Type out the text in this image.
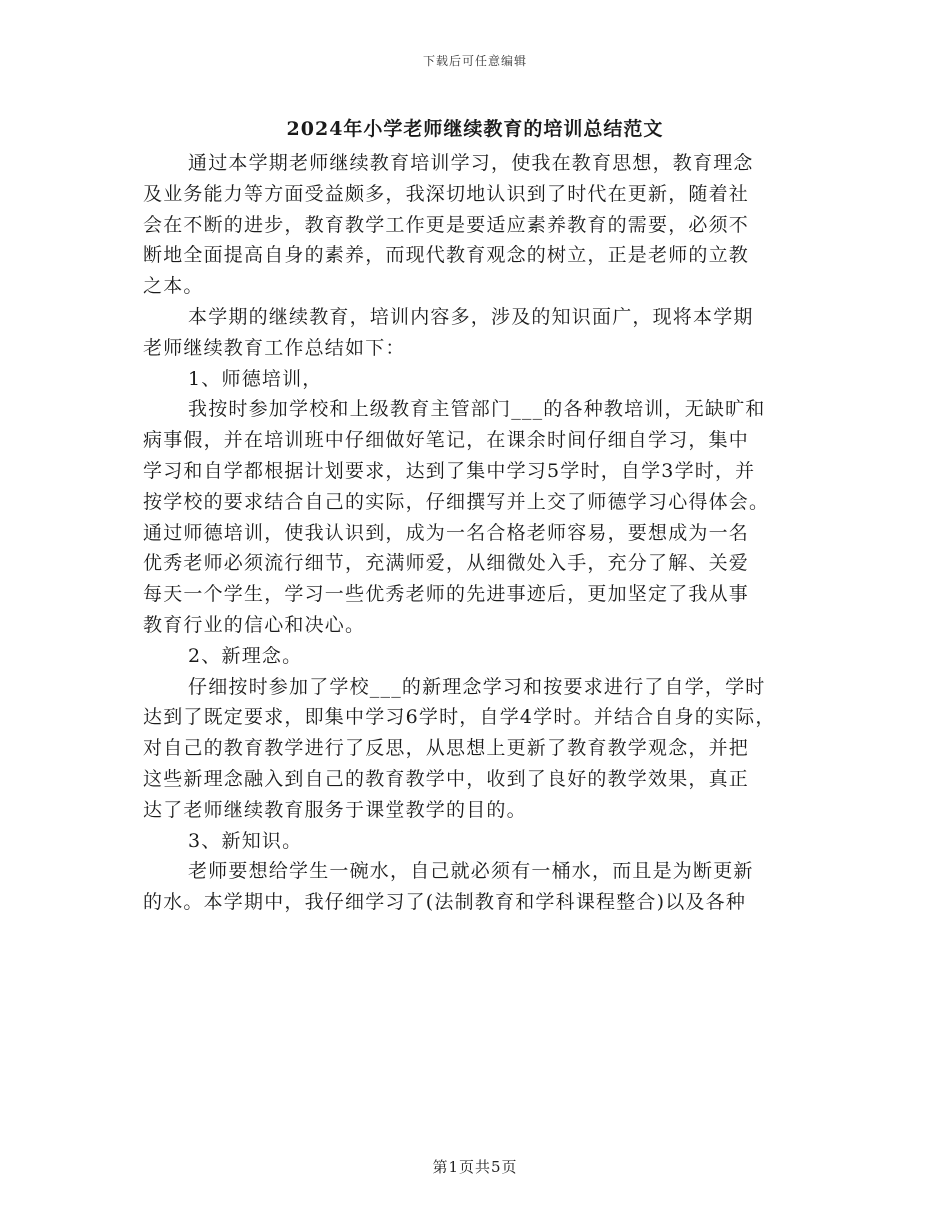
下载后可任意编辑
2024年小学老师继续教育的培训总结范文
通过本学期老师继续教育培训学习，使我在教育思想，教育理念
及业务能力等方面受益颇多，我深切地认识到了时代在更新，随着社
会在不断的进步，教育教学工作更是要适应素养教育的需要，必须不
断地全面提高自身的素养，而现代教育观念的树立，正是老师的立教
之本。
本学期的继续教育，培训内容多，涉及的知识面广，现将本学期
老师继续教育工作总结如下：
1、师德培训，
我按时参加学校和上级教育主管部门___的各种教培训，无缺旷和
病事假，并在培训班中仔细做好笔记，在课余时间仔细自学习，集中
学习和自学都根据计划要求，达到了集中学习5学时，自学3学时，并
按学校的要求结合自己的实际，仔细撰写并上交了师德学习心得体会。
通过师德培训，使我认识到，成为一名合格老师容易，要想成为一名
优秀老师必须流行细节，充满师爱，从细微处入手，充分了解、关爱
每天一个学生，学习一些优秀老师的先进事迹后，更加坚定了我从事
教育行业的信心和决心。
2、新理念。
仔细按时参加了学校___的新理念学习和按要求进行了自学，学时
达到了既定要求，即集中学习6学时，自学4学时。并结合自身的实际，
对自己的教育教学进行了反思，从思想上更新了教育教学观念，并把
这些新理念融入到自己的教育教学中，收到了良好的教学效果，真正
达了老师继续教育服务于课堂教学的目的。
3、新知识。
老师要想给学生一碗水，自己就必须有一桶水，而且是为断更新
的水。本学期中，我仔细学习了(法制教育和学科课程整合)以及各种
第1页共5页
